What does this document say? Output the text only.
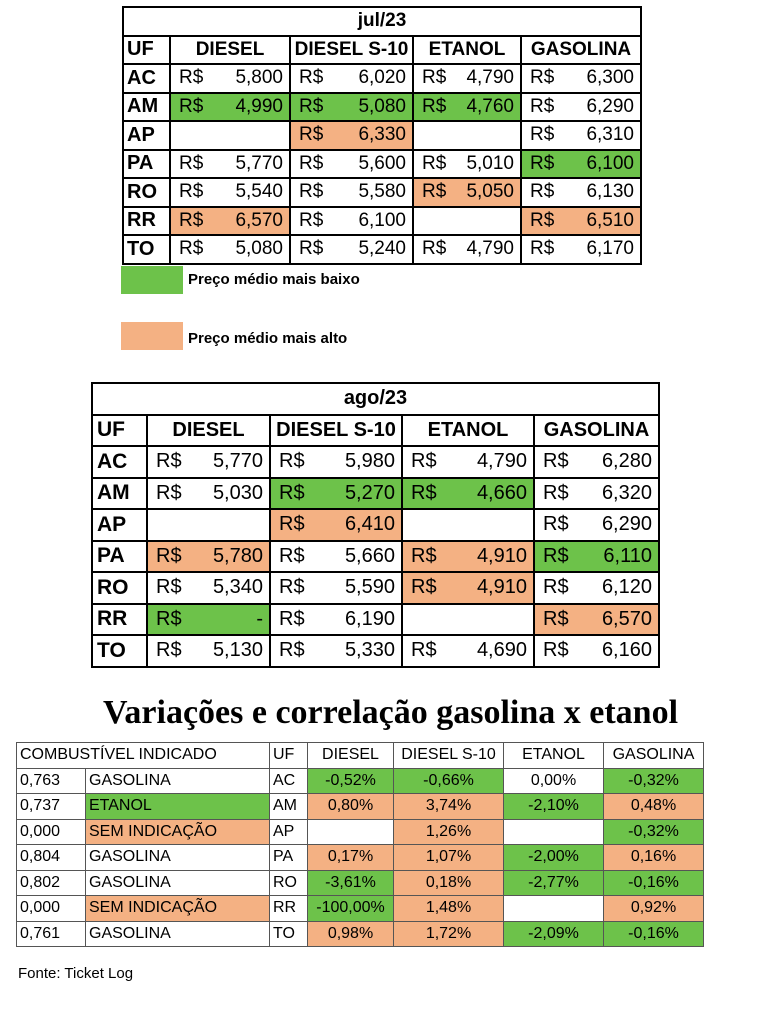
jul/23				
UF	DIESEL	DIESEL S-10	ETANOL	GASOLINA
AC	R$ 5,800	R$ 6,020	R$ 4,790	R$ 6,300

AM	R$ 4,990	R$ 5,080	R$ 4,760	R$ 6,290

AP		R$ 6,330		R$ 6,310

PA	R$ 5,770	R$ 5,600	R$ 5,010	R$ 6,100

RO	R$ 5,540	R$ 5,580	R$ 5,050	R$ 6,130

RR	R$ 6,570	R$ 6,100		R$ 6,510

TO	R$ 5,080	R$ 5,240	R$ 4,790	R$ 6,170
Preço médio mais baixo
Preço médio mais alto
ago/23				
UF	DIESEL	DIESEL S-10	ETANOL	GASOLINA
AC	R$ 5,770	R$ 5,980	R$ 4,790	R$ 6,280

AM	R$ 5,030	R$ 5,270	R$ 4,660	R$ 6,320

AP		R$ 6,410		R$ 6,290

PA	R$ 5,780	R$ 5,660	R$ 4,910	R$ 6,110

RO	R$ 5,340	R$ 5,590	R$ 4,910	R$ 6,120

RR	R$ -	R$ 6,190		R$ 6,570

TO	R$ 5,130	R$ 5,330	R$ 4,690	R$ 6,160
Variações e correlação gasolina x etanol
COMBUSTÍVEL INDICADO		UF	DIESEL	DIESEL S-10	ETANOL	GASOLINA
0,763	GASOLINA	AC	-0,52%	-0,66%	0,00%	-0,32%
0,737	ETANOL	AM	0,80%	3,74%	-2,10%	0,48%
0,000	SEM INDICAÇÃO	AP		1,26%		-0,32%
0,804	GASOLINA	PA	0,17%	1,07%	-2,00%	0,16%
0,802	GASOLINA	RO	-3,61%	0,18%	-2,77%	-0,16%
0,000	SEM INDICAÇÃO	RR	-100,00%	1,48%		0,92%
0,761	GASOLINA	TO	0,98%	1,72%	-2,09%	-0,16%
Fonte: Ticket Log
